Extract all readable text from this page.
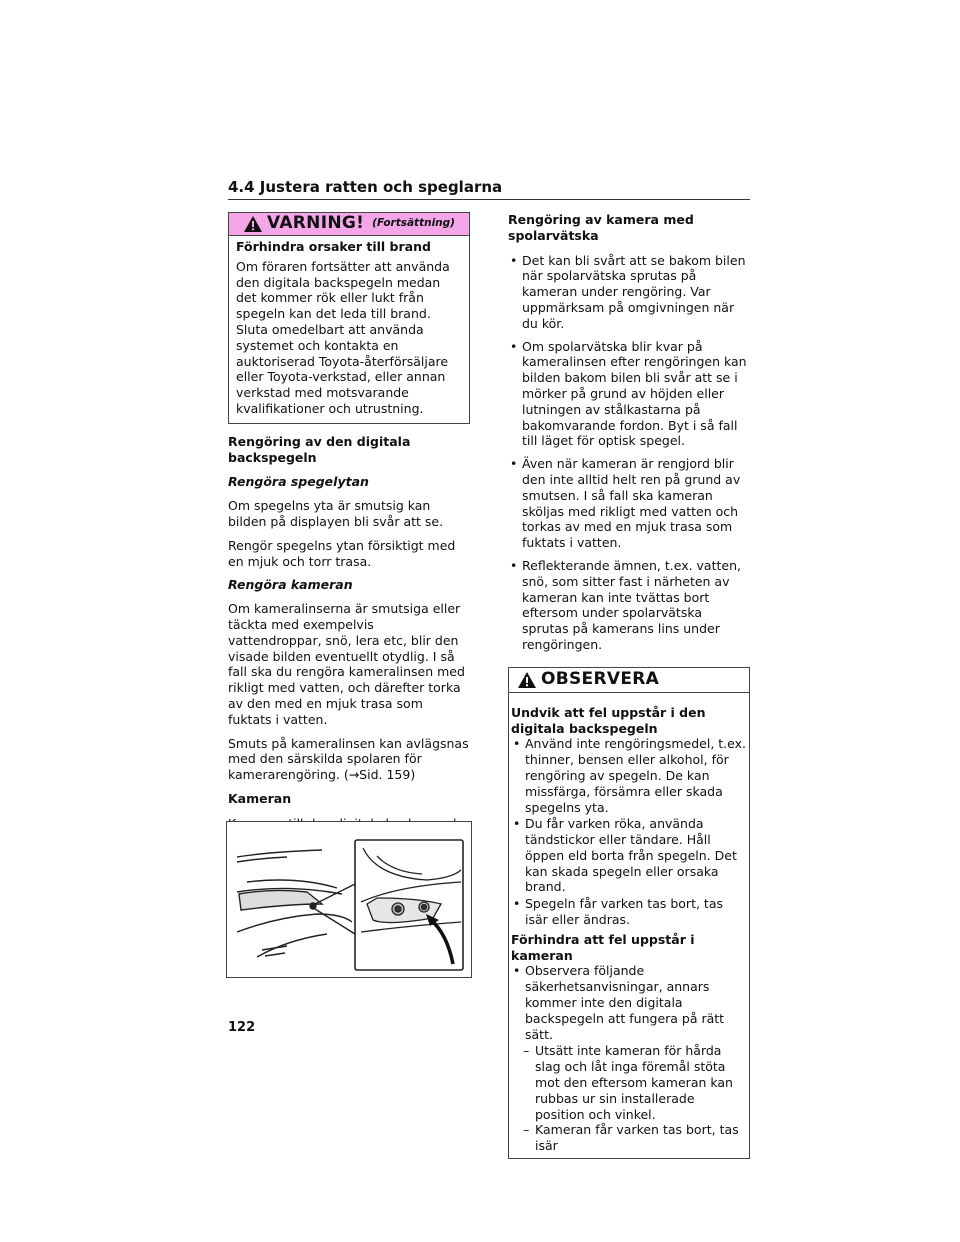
4.4 Justera ratten och speglarna
VARNING! (Fortsättning)
Förhindra orsaker till brand
Om föraren fortsätter att använda den digitala backspegeln medan det kommer rök eller lukt från spegeln kan det leda till brand. Sluta omedelbart att använda systemet och kontakta en auktoriserad Toyota-återförsäljare eller Toyota-verkstad, eller annan verkstad med motsvarande kvalifikationer och utrustning.
Rengöring av den digitala backspegeln
Rengöra spegelytan

Om spegelns yta är smutsig kan bilden på displayen bli svår att se.

Rengör spegelns ytan försiktigt med en mjuk och torr trasa.

Rengöra kameran

Om kameralinserna är smutsiga eller täckta med exempelvis vattendroppar, snö, lera etc, blir den visade bilden eventuellt otydlig. I så fall ska du rengöra kameralinsen med rikligt med vatten, och därefter torka av den med en mjuk trasa som fuktats i vatten.

Smuts på kameralinsen kan avlägsnas med den särskilda spolaren för kamerarengöring. (→Sid. 159)

Kameran

Rengöring av kamera med spolarvätska
• Det kan bli svårt att se bakom bilen när spolarvätska sprutas på kameran under rengöring. Var uppmärksam på omgivningen när du kör.
• Om spolarvätska blir kvar på kameralinsen efter rengöringen kan bilden bakom bilen bli svår att se i mörker på grund av höjden eller lutningen av stålkastarna på bakomvarande fordon. Byt i så fall till läget för optisk spegel.
• Även när kameran är rengjord blir den inte alltid helt ren på grund av smutsen. I så fall ska kameran sköljas med rikligt med vatten och torkas av med en mjuk trasa som fuktats i vatten.
• Reflekterande ämnen, t.ex. vatten, snö, som sitter fast i närheten av kameran kan inte tvättas bort eftersom under spolarvätska sprutas på kamerans lins under rengöringen.
OBSERVERA
Undvik att fel uppstår i den digitala backspegeln
• Använd inte rengöringsmedel, t.ex. thinner, bensen eller alkohol, för rengöring av spegeln. De kan missfärga, försämra eller skada spegelns yta.
• Du får varken röka, använda tändstickor eller tändare. Håll öppen eld borta från spegeln. Det kan skada spegeln eller orsaka brand.
• Spegeln får varken tas bort, tas isär eller ändras.
Förhindra att fel uppstår i kameran
• Observera följande säkerhetsanvisningar, annars kommer inte den digitala backspegeln att fungera på rätt sätt.
– Utsätt inte kameran för hårda slag och låt inga föremål stöta mot den eftersom kameran kan rubbas ur sin installerade position och vinkel.
– Kameran får varken tas bort, tas isär
122
